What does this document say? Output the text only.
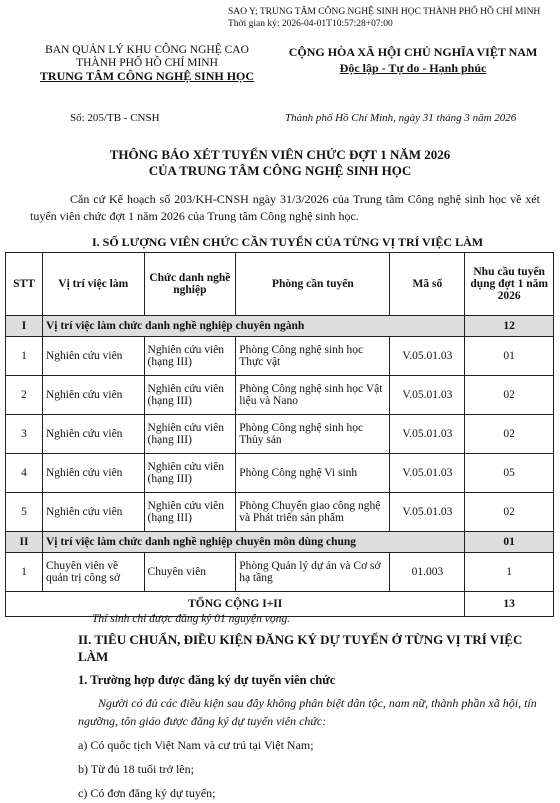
SAO Y; TRUNG TÂM CÔNG NGHỆ SINH HỌC THÀNH PHỐ HỒ CHÍ MINH
Thời gian ký: 2026-04-01T10:57:28+07:00
BAN QUẢN LÝ KHU CÔNG NGHỆ CAO
THÀNH PHỐ HỒ CHÍ MINH
TRUNG TÂM CÔNG NGHỆ SINH HỌC
CỘNG HÒA XÃ HỘI CHỦ NGHĨA VIỆT NAM
Độc lập - Tự do - Hạnh phúc
Số: 205/TB - CNSH	Thành phố Hồ Chí Minh, ngày 31 tháng 3 năm 2026
THÔNG BÁO XÉT TUYỂN VIÊN CHỨC ĐỢT 1 NĂM 2026
CỦA TRUNG TÂM CÔNG NGHỆ SINH HỌC
Căn cứ Kế hoạch số 203/KH-CNSH ngày 31/3/2026 của Trung tâm Công nghệ sinh học về xét tuyển viên chức đợt 1 năm 2026 của Trung tâm Công nghệ sinh học.
I. SỐ LƯỢNG VIÊN CHỨC CẦN TUYỂN CỦA TỪNG VỊ TRÍ VIỆC LÀM
STT	Vị trí việc làm	Chức danh nghề nghiệp	Phòng cần tuyển	Mã số	Nhu cầu tuyển dụng đợt 1 năm 2026
I	Vị trí việc làm chức danh nghề nghiệp chuyên ngành				12
1	Nghiên cứu viên	Nghiên cứu viên (hạng III)	Phòng Công nghệ sinh học Thực vật	V.05.01.03	01
2	Nghiên cứu viên	Nghiên cứu viên (hạng III)	Phòng Công nghệ sinh học Vật liệu và Nano	V.05.01.03	02
3	Nghiên cứu viên	Nghiên cứu viên (hạng III)	Phòng Công nghệ sinh học Thủy sản	V.05.01.03	02
4	Nghiên cứu viên	Nghiên cứu viên (hạng III)	Phòng Công nghệ Vi sinh	V.05.01.03	05
5	Nghiên cứu viên	Nghiên cứu viên (hạng III)	Phòng Chuyển giao công nghệ và Phát triển sản phẩm	V.05.01.03	02
II	Vị trí việc làm chức danh nghề nghiệp chuyên môn dùng chung				01
1	Chuyên viên về quản trị công sở	Chuyên viên	Phòng Quản lý dự án và Cơ sở hạ tầng	01.003	1
TỔNG CỘNG I+II					13
Thí sinh chỉ được đăng ký 01 nguyện vọng.
II. TIÊU CHUẨN, ĐIỀU KIỆN ĐĂNG KÝ DỰ TUYỂN Ở TỪNG VỊ TRÍ VIỆC LÀM
1. Trường hợp được đăng ký dự tuyển viên chức
Người có đủ các điều kiện sau đây không phân biệt dân tộc, nam nữ, thành phần xã hội, tín ngưỡng, tôn giáo được đăng ký dự tuyển viên chức:
a) Có quốc tịch Việt Nam và cư trú tại Việt Nam;
b) Từ đủ 18 tuổi trở lên;
c) Có đơn đăng ký dự tuyển;
